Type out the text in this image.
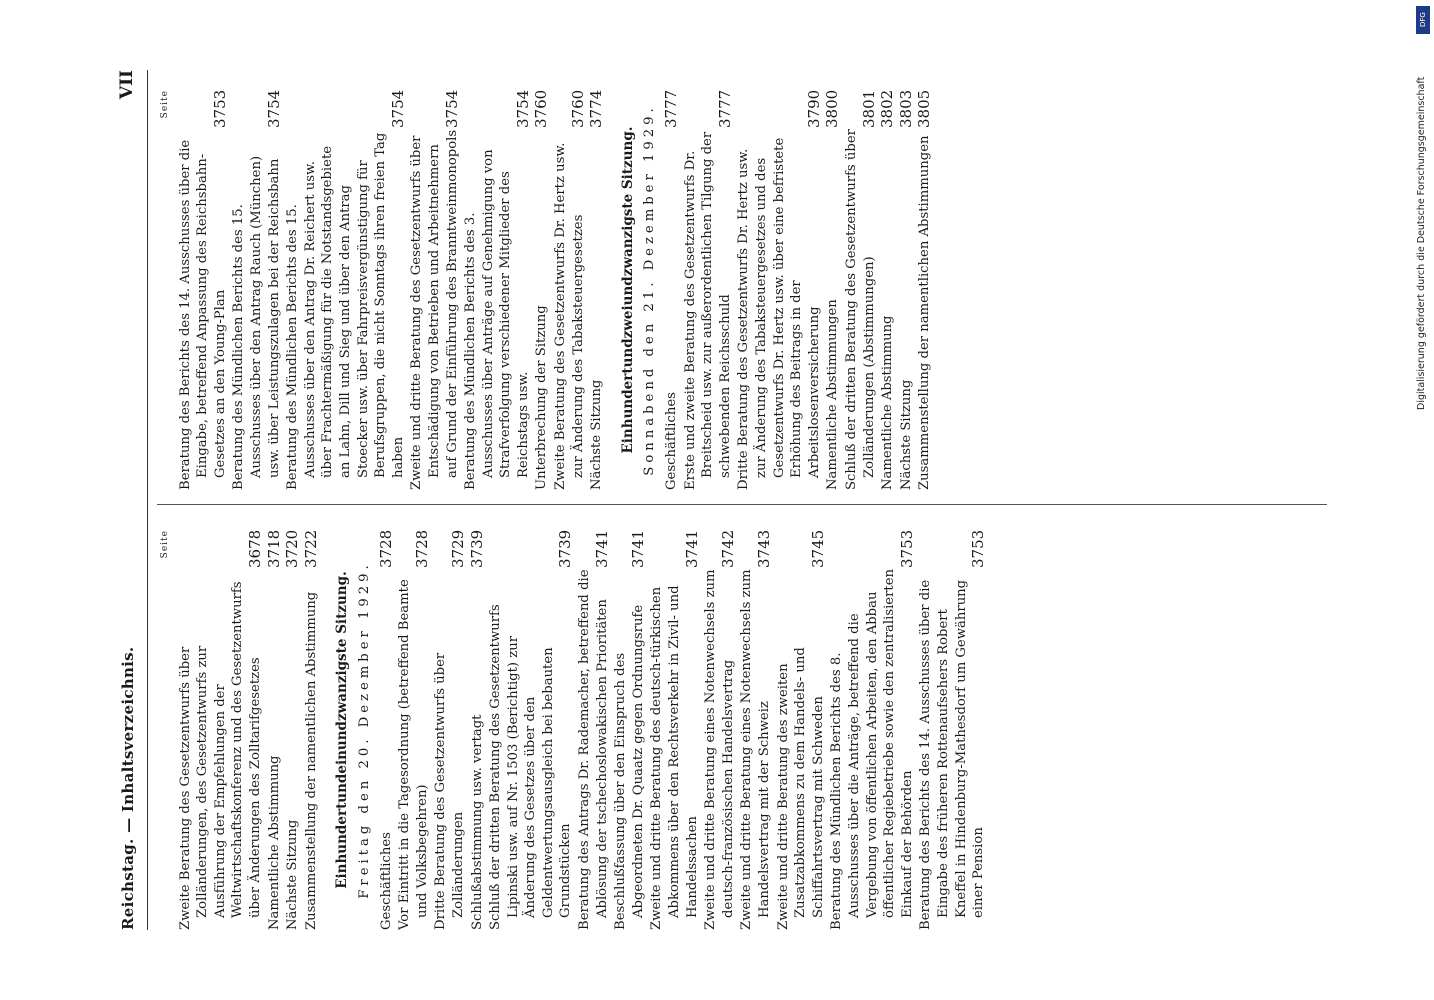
Reichstag. — Inhaltsverzeichnis.
VII
Seite
Zweite Beratung des Gesetzentwurfs über Zolländerungen, des Gesetzentwurfs zur Ausführung der Empfehlungen der Weltwirtschaftskonferenz und des Gesetzentwurfs über Änderungen des Zolltarifgesetzes
3678
Namentliche Abstimmung
3718
Nächste Sitzung
3720
Zusammenstellung der namentlichen Abstimmung
3722
Einhundertundeinundzwanzigste Sitzung. Freitag den 20. Dezember 1929. Geschäftliches
3728
Vor Eintritt in die Tagesordnung (betreffend Beamte und Volksbegehren)
3728
Dritte Beratung des Gesetzentwurfs über Zolländerungen
3729
Schlußabstimmung usw. vertagt
3739
Schluß der dritten Beratung des Gesetzentwurfs Lipinski usw. auf Nr. 1503 (Berichtigt) zur Änderung des Gesetzes über den Geldentwertungsausgleich bei bebauten Grundstücken
3739
Beratung des Antrags Dr. Rademacher, betreffend die Ablösung der tschechoslowakischen Prioritäten
3741
Beschlußfassung über den Einspruch des Abgeordneten Dr. Quaatz gegen Ordnungsrufe
3741
Zweite und dritte Beratung des deutsch-türkischen Abkommens über den Rechtsverkehr in Zivil- und Handelssachen
3741
Zweite und dritte Beratung eines Notenwechsels zum deutsch-französischen Handelsvertrag
3742
Zweite und dritte Beratung eines Notenwechsels zum Handelsvertrag mit der Schweiz
3743
Zweite und dritte Beratung des zweiten Zusatzabkommens zu dem Handels- und Schiffahrtsvertrag mit Schweden
3745
Beratung des Mündlichen Berichts des 8. Ausschusses über die Anträge, betreffend die Vergebung von öffentlichen Arbeiten, den Abbau öffentlicher Regiebetriebe sowie den zentralisierten Einkauf der Behörden
3753
Beratung des Berichts des 14. Ausschusses über die Eingabe des früheren Rottenaufsehers Robert Kneffel in Hindenburg-Mathesdorf um Gewährung einer Pension
3753
Seite
Beratung des Berichts des 14. Ausschusses über die Eingabe, betreffend Anpassung des Reichsbahn-Gesetzes an den Young-Plan
3753
Beratung des Mündlichen Berichts des 15. Ausschusses über den Antrag Rauch (München) usw. über Leistungszulagen bei der Reichsbahn
3754
Beratung des Mündlichen Berichts des 15. Ausschusses über den Antrag Dr. Reichert usw. über Frachtermäßigung für die Notstandsgebiete an Lahn, Dill und Sieg und über den Antrag Stoecker usw. über Fahrpreisvergünstigung für Berufsgruppen, die nicht Sonntags ihren freien Tag haben
3754
Zweite und dritte Beratung des Gesetzentwurfs über Entschädigung von Betrieben und Arbeitnehmern auf Grund der Einführung des Branntweinmonopols
3754
Beratung des Mündlichen Berichts des 3. Ausschusses über Anträge auf Genehmigung von Strafverfolgung verschiedener Mitglieder des Reichstags usw.
3754
Unterbrechung der Sitzung
3760
Zweite Beratung des Gesetzentwurfs Dr. Hertz usw. zur Änderung des Tabaksteuergesetzes
3760
Nächste Sitzung
3774
Einhundertundzweiundzwanzigste Sitzung. Sonnabend den 21. Dezember 1929. Geschäftliches
3777
Erste und zweite Beratung des Gesetzentwurfs Dr. Breitscheid usw. zur außerordentlichen Tilgung der schwebenden Reichsschuld
3777
Dritte Beratung des Gesetzentwurfs Dr. Hertz usw. zur Änderung des Tabaksteuergesetzes und des Gesetzentwurfs Dr. Hertz usw. über eine befristete Erhöhung des Beitrags in der Arbeitslosenversicherung
3790
Namentliche Abstimmungen
3800
Schluß der dritten Beratung des Gesetzentwurfs über Zolländerungen (Abstimmungen)
3801
Namentliche Abstimmung
3802
Nächste Sitzung
3803
Zusammenstellung der namentlichen Abstimmungen
3805
DFG
Digitalisierung gefördert durch die Deutsche Forschungsgemeinschaft
